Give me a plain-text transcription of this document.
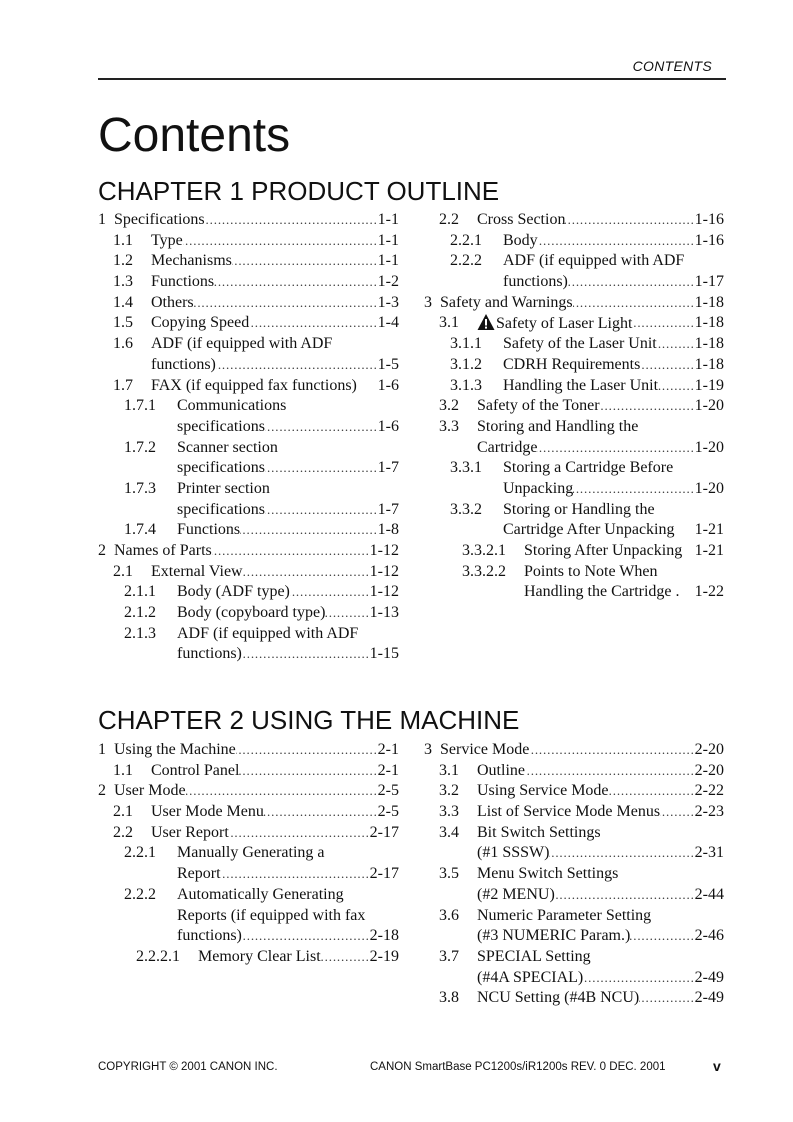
CONTENTS
Contents
CHAPTER 1 PRODUCT OUTLINE
1 Specifications . . .	1-1
1.1 Type . . .	1-1
1.2 Mechanisms . . .	1-1
1.3 Functions . . .	1-2
1.4 Others . . .	1-3
1.5 Copying Speed . . .	1-4
1.6 ADF (if equipped with ADF
functions) . . .	1-5
1.7 FAX (if equipped fax functions) 1-6
1.7.1 Communications
specifications . . .	1-6
1.7.2 Scanner section
specifications . . .	1-7
1.7.3 Printer section
specifications . . .	1-7
1.7.4 Functions . . .	1-8
2 Names of Parts . . .	1-12
2.1 External View . . .	1-12
2.1.1 Body (ADF type) . . .	1-12
2.1.2 Body (copyboard type) . . .	1-13
2.1.3 ADF (if equipped with ADF
functions) . . .	1-15
2.2 Cross Section . . .	1-16
2.2.1 Body . . .	1-16
2.2.2 ADF (if equipped with ADF
functions) . . .	1-17
3 Safety and Warnings . . .	1-18
3.1	Safety of Laser Light . . .	1-18
3.1.1 Safety of the Laser Unit . . . 1-18
3.1.2 CDRH Requirements . . .	1-18
3.1.3 Handling the Laser Unit . . . 1-19
3.2 Safety of the Toner . . .	1-20
3.3 Storing and Handling the
Cartridge . . .	1-20
3.3.1 Storing a Cartridge Before
Unpacking . . .	1-20
3.3.2 Storing or Handling the
Cartridge After Unpacking 1-21
3.3.2.1 Storing After Unpacking 1-21
3.3.2.2 Points to Note When
Handling the Cartridge . 1-22
CHAPTER 2 USING THE MACHINE
1 Using the Machine . . .	2-1
1.1 Control Panel . . .	2-1
2 User Mode . . .	2-5
2.1 User Mode Menu . . .	2-5
2.2 User Report . . .	2-17
2.2.1 Manually Generating a
Report . . .	2-17
2.2.2 Automatically Generating
Reports (if equipped with fax
functions) . . .	2-18
2.2.2.1 Memory Clear List . . .	2-19
3 Service Mode . . .	2-20
3.1 Outline . . .	2-20
3.2 Using Service Mode . . .	2-22
3.3 List of Service Mode Menus . . . 2-23
3.4 Bit Switch Settings
(#1 SSSW) . . .	2-31
3.5 Menu Switch Settings
(#2 MENU) . . .	2-44
3.6 Numeric Parameter Setting
(#3 NUMERIC Param.) . . .	2-46
3.7 SPECIAL Setting
(#4A SPECIAL) . . .	2-49
3.8 NCU Setting (#4B NCU) . . .	2-49
COPYRIGHT © 2001 CANON INC.	CANON SmartBase PC1200s/iR1200s REV. 0 DEC. 2001	v
